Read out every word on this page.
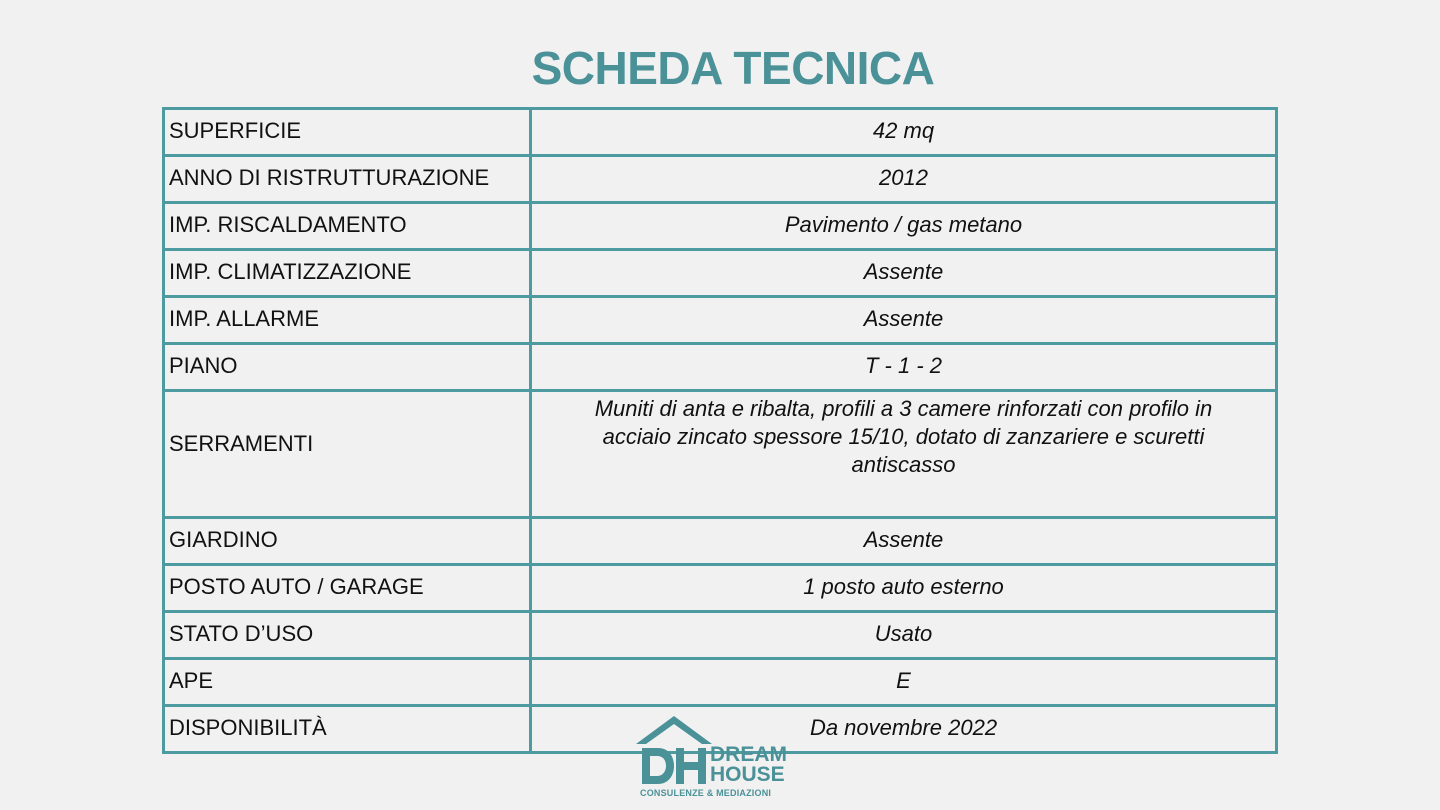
SCHEDA TECNICA
SUPERFICIE	42 mq
ANNO DI RISTRUTTURAZIONE	2012
IMP. RISCALDAMENTO	Pavimento / gas metano
IMP. CLIMATIZZAZIONE	Assente
IMP. ALLARME	Assente
PIANO	T - 1 - 2
SERRAMENTI	Muniti di anta e ribalta, profili a 3 camere rinforzati con profilo in acciaio zincato spessore 15/10, dotato di zanzariere e scuretti antiscasso
GIARDINO	Assente
POSTO AUTO / GARAGE	1 posto auto esterno
STATO D’USO	Usato
APE	E
DISPONIBILITÀ	Da novembre 2022
DREAM
HOUSE
CONSULENZE & MEDIAZIONI
